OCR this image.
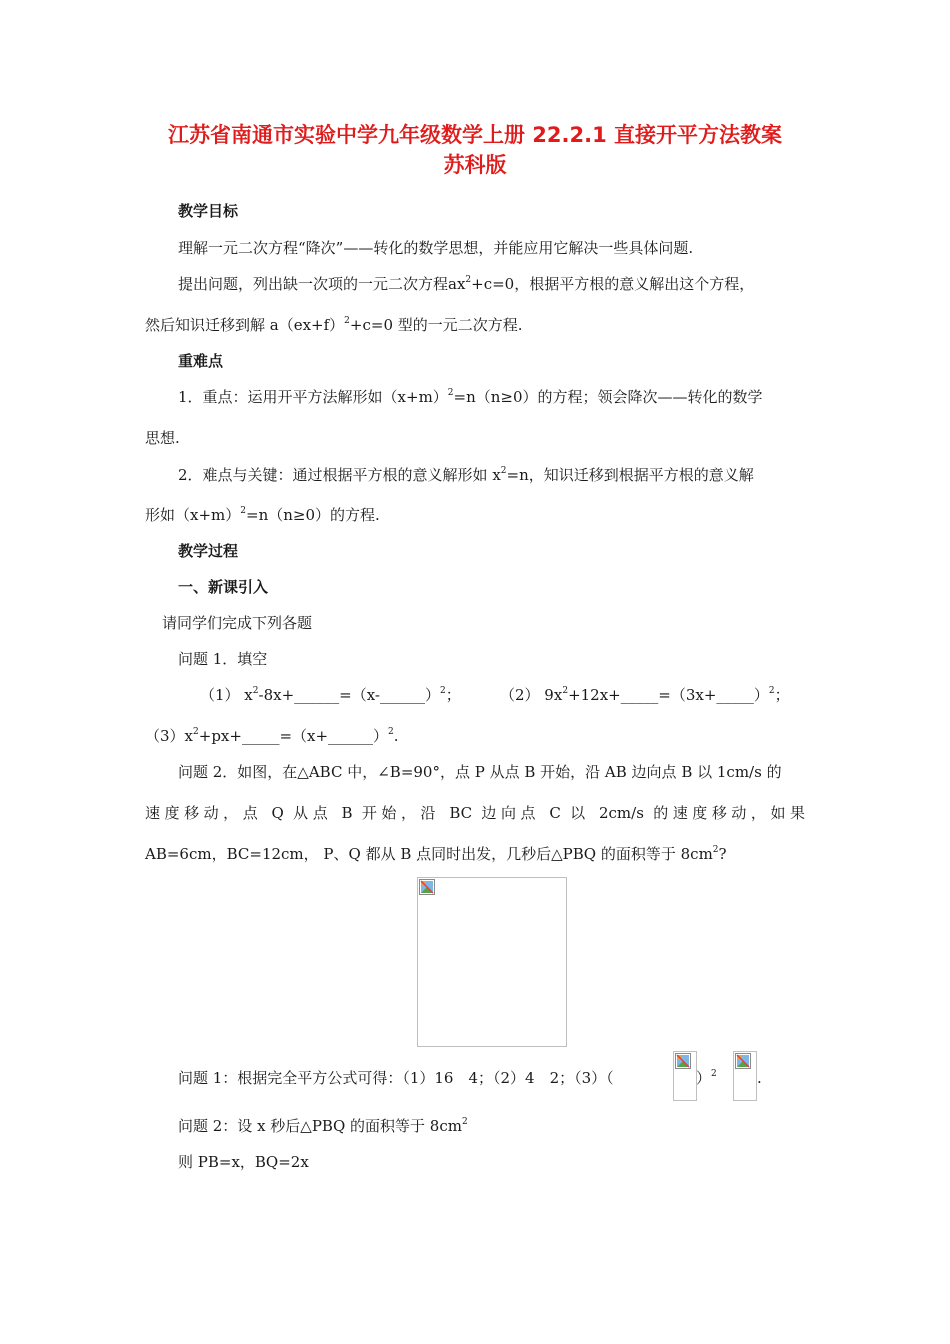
江苏省南通市实验中学九年级数学上册 22.2.1 直接开平方法教案
苏科版
教学目标
理解一元二次方程“降次”——转化的数学思想，并能应用它解决一些具体问题.
提出问题，列出缺一次项的一元二次方程$ax^2+c=0$，根据平方根的意义解出这个方程，
然后知识迁移到解 $a(ex+f)^2+c=0$ 型的一元二次方程.
重难点
1．重点：运用开平方法解形如$(x+m)^2=n(n\ge 0)$的方程；领会降次——转化的数学
思想.
2．难点与关键：通过根据平方根的意义解形如 $x^2=n$，知识迁移到根据平方根的意义解
形如$(x+m)^2=n(n\ge 0)$的方程.
教学过程
一、新课引入
请同学们完成下列各题
问题 1．填空
（1） $x^2-8x+\_\_\_\_\_\_=(x-\_\_\_\_\_\_)^2$；	（2） $9x^2+12x+\_\_\_\_\_=(3x+\_\_\_\_\_)^2$；
$(3)x^2+px+\_\_\_\_\_=(x+\_\_\_\_\_\_)^2$.
问题 2．如图，在△ABC 中，∠B=90°，点 P 从点 B 开始，沿 AB 边向点 B 以 1cm/s 的
速度移动，点 Q 从点 B 开始，沿 BC 边向点 C 以 2cm/s 的速度移动，如果
AB=6cm，BC=12cm， P、Q 都从 B 点同时出发，几秒后△PBQ 的面积等于 $8cm^2$?
问题 1：根据完全平方公式可得：（1）16　4；（2）4　2；（3）（	）$^2$	.
问题 2：设 x 秒后△PBQ 的面积等于 $8cm^2$
则 PB=x，BQ=2x
